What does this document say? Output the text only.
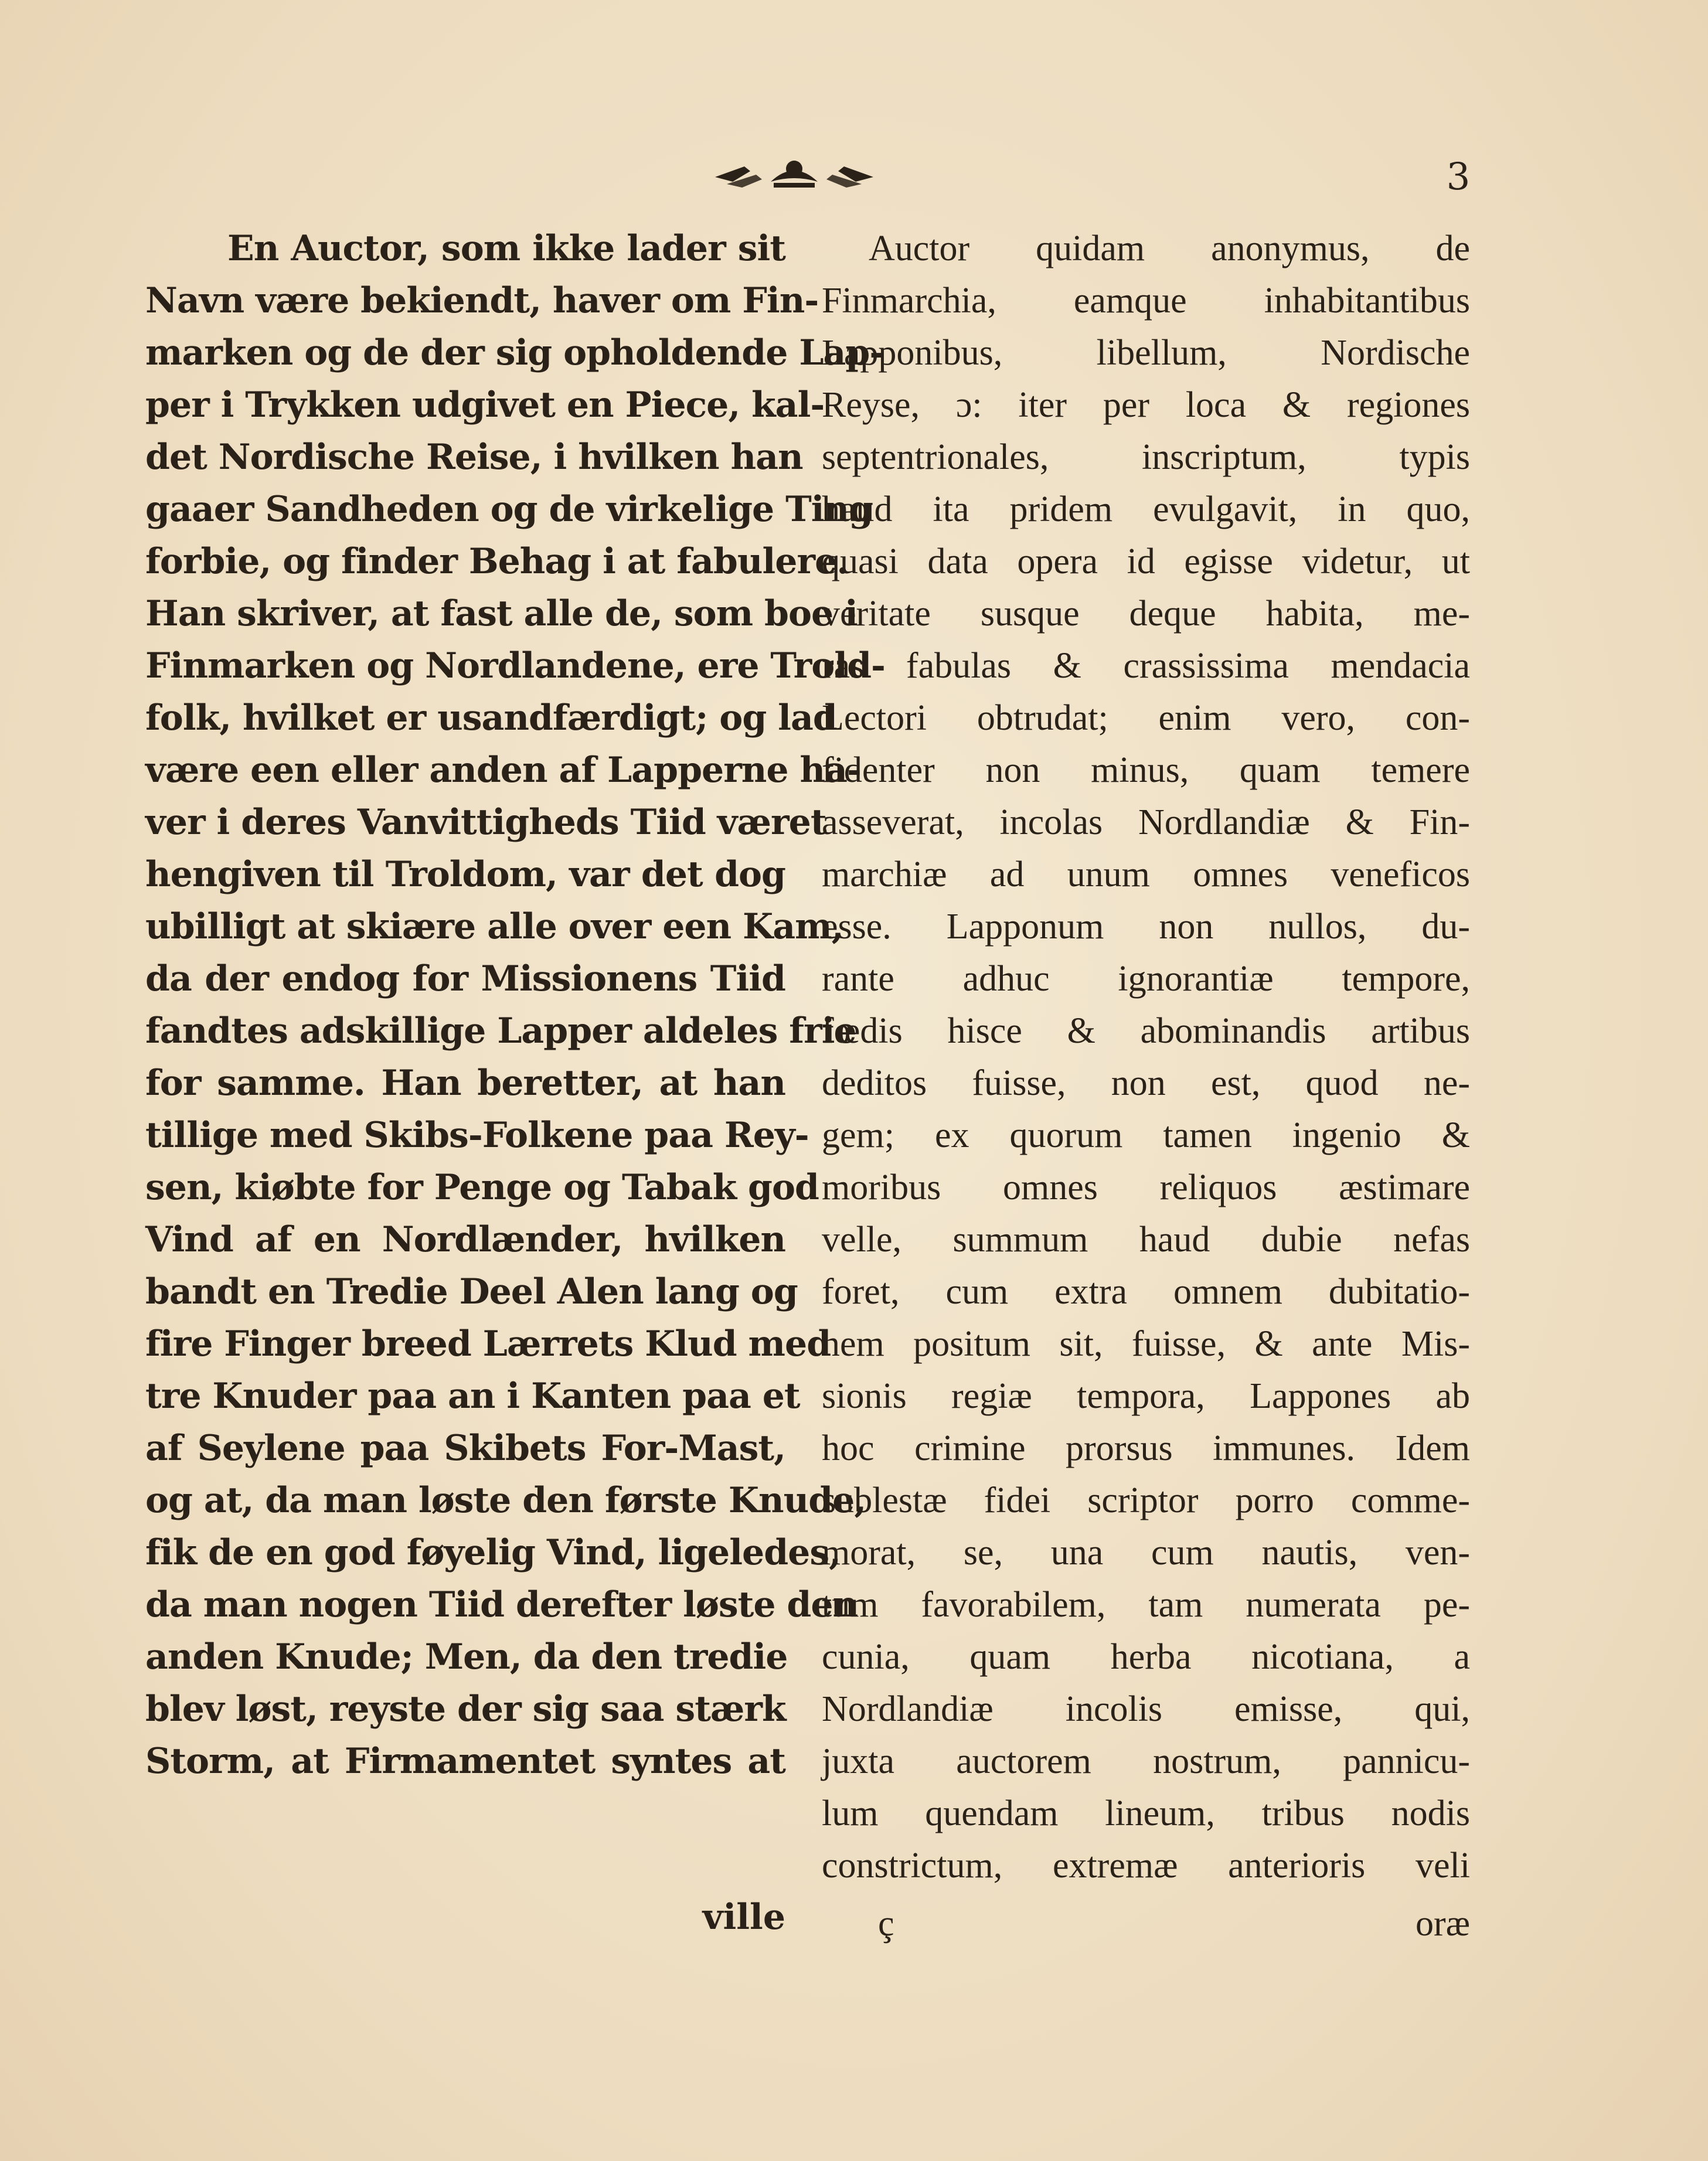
3
En Auctor, som ikke lader sit
Navn være bekiendt, haver om Fin-
marken og de der sig opholdende Lap-
per i Trykken udgivet en Piece, kal-
det Nordische Reise, i hvilken han
gaaer Sandheden og de virkelige Ting
forbie, og finder Behag i at fabulere.
Han skriver, at fast alle de, som boe i
Finmarken og Nordlandene, ere Trold-
folk, hvilket er usandfærdigt; og lad
være een eller anden af Lapperne ha-
ver i deres Vanvittigheds Tiid været
hengiven til Troldom, var det dog
ubilligt at skiære alle over een Kam,
da der endog for Missionens Tiid
fandtes adskillige Lapper aldeles frie
for samme. Han beretter, at han
tillige med Skibs-Folkene paa Rey-
sen, kiøbte for Penge og Tabak god
Vind af en Nordlænder, hvilken
bandt en Tredie Deel Alen lang og
fire Finger breed Lærrets Klud med
tre Knuder paa an i Kanten paa et
af Seylene paa Skibets For-Mast,
og at, da man løste den første Knude,
fik de en god føyelig Vind, ligeledes,
da man nogen Tiid derefter løste den
anden Knude; Men, da den tredie
blev løst, reyste der sig saa stærk
Storm, at Firmamentet syntes at
ville
Auctor quidam anonymus, de
Finmarchia, eamque inhabitantibus
Lapponibus, libellum, Nordische
Reyse, ɔ: iter per loca & regiones
septentrionales, inscriptum, typis
haud ita pridem evulgavit, in quo,
quasi data opera id egisse videtur, ut
veritate susque deque habita, me-
ras fabulas & crassissima mendacia
Lectori obtrudat; enim vero, con-
fidenter non minus, quam temere
asseverat, incolas Nordlandiæ & Fin-
marchiæ ad unum omnes veneficos
esse. Lapponum non nullos, du-
rante adhuc ignorantiæ tempore,
fœdis hisce & abominandis artibus
deditos fuisse, non est, quod ne-
gem; ex quorum tamen ingenio &
moribus omnes reliquos æstimare
velle, summum haud dubie nefas
foret, cum extra omnem dubitatio-
nem positum sit, fuisse, & ante Mis-
sionis regiæ tempora, Lappones ab
hoc crimine prorsus immunes. Idem
sublestæ fidei scriptor porro comme-
morat, se, una cum nautis, ven-
tum favorabilem, tam numerata pe-
cunia, quam herba nicotiana, a
Nordlandiæ incolis emisse, qui,
juxta auctorem nostrum, pannicu-
lum quendam lineum, tribus nodis
constrictum, extremæ anterioris veli
ç	oræ
